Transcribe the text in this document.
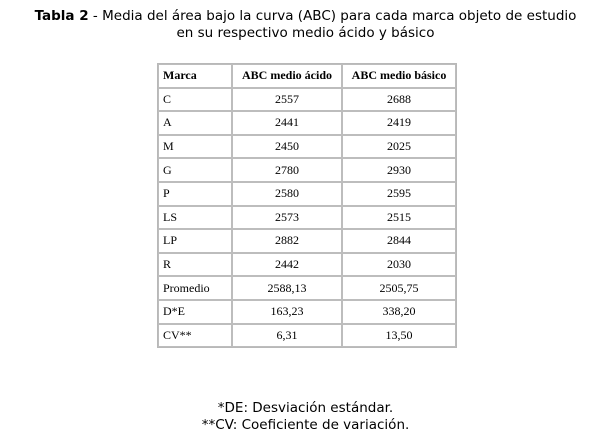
Tabla 2 - Media del área bajo la curva (ABC) para cada marca objeto de estudio
en su respectivo medio ácido y básico
Marca	ABC medio ácido	ABC medio básico
C	2557	2688
A	2441	2419
M	2450	2025
G	2780	2930
P	2580	2595
LS	2573	2515
LP	2882	2844
R	2442	2030
Promedio	2588,13	2505,75
D*E	163,23	338,20
CV**	6,31	13,50
*DE: Desviación estándar.
**CV: Coeficiente de variación.
